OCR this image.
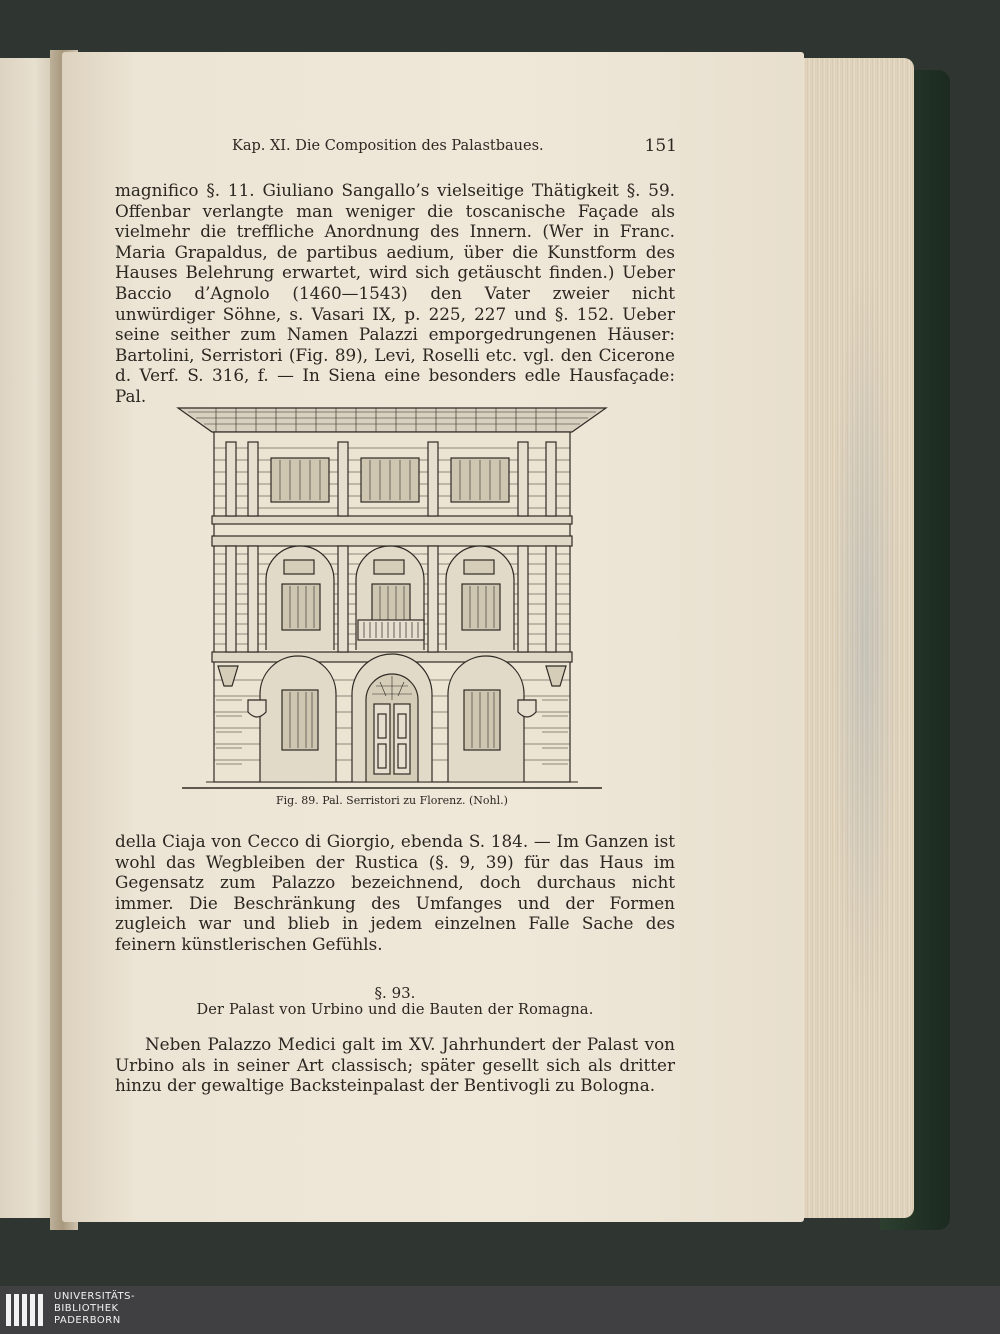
Kap. XI. Die Composition des Palastbaues.	151
magnifico §. 11. Giuliano Sangallo’s vielseitige Thätigkeit §. 59. Offenbar verlangte man weniger die toscanische Façade als vielmehr die treffliche Anordnung des Innern. (Wer in Franc. Maria Grapaldus, de partibus aedium, über die Kunstform des Hauses Belehrung erwartet, wird sich getäuscht finden.) Ueber Baccio d’Agnolo (1460—1543) den Vater zweier nicht unwürdiger Söhne, s. Vasari IX, p. 225, 227 und §. 152. Ueber seine seither zum Namen Palazzi emporgedrungenen Häuser: Bartolini, Serristori (Fig. 89), Levi, Roselli etc. vgl. den Cicerone d. Verf. S. 316, f. — In Siena eine besonders edle Hausfaçade: Pal.
Fig. 89. Pal. Serristori zu Florenz. (Nohl.)
della Ciaja von Cecco di Giorgio, ebenda S. 184. — Im Ganzen ist wohl das Wegbleiben der Rustica (§. 9, 39) für das Haus im Gegensatz zum Palazzo bezeichnend, doch durchaus nicht immer. Die Beschränkung des Umfanges und der Formen zugleich war und blieb in jedem einzelnen Falle Sache des feinern künstlerischen Gefühls.
§. 93.
Der Palast von Urbino und die Bauten der Romagna.
Neben Palazzo Medici galt im XV. Jahrhundert der Palast von Urbino als in seiner Art classisch; später gesellt sich als dritter hinzu der gewaltige Backsteinpalast der Bentivogli zu Bologna.
UNIVERSITÄTS-
BIBLIOTHEK
PADERBORN
